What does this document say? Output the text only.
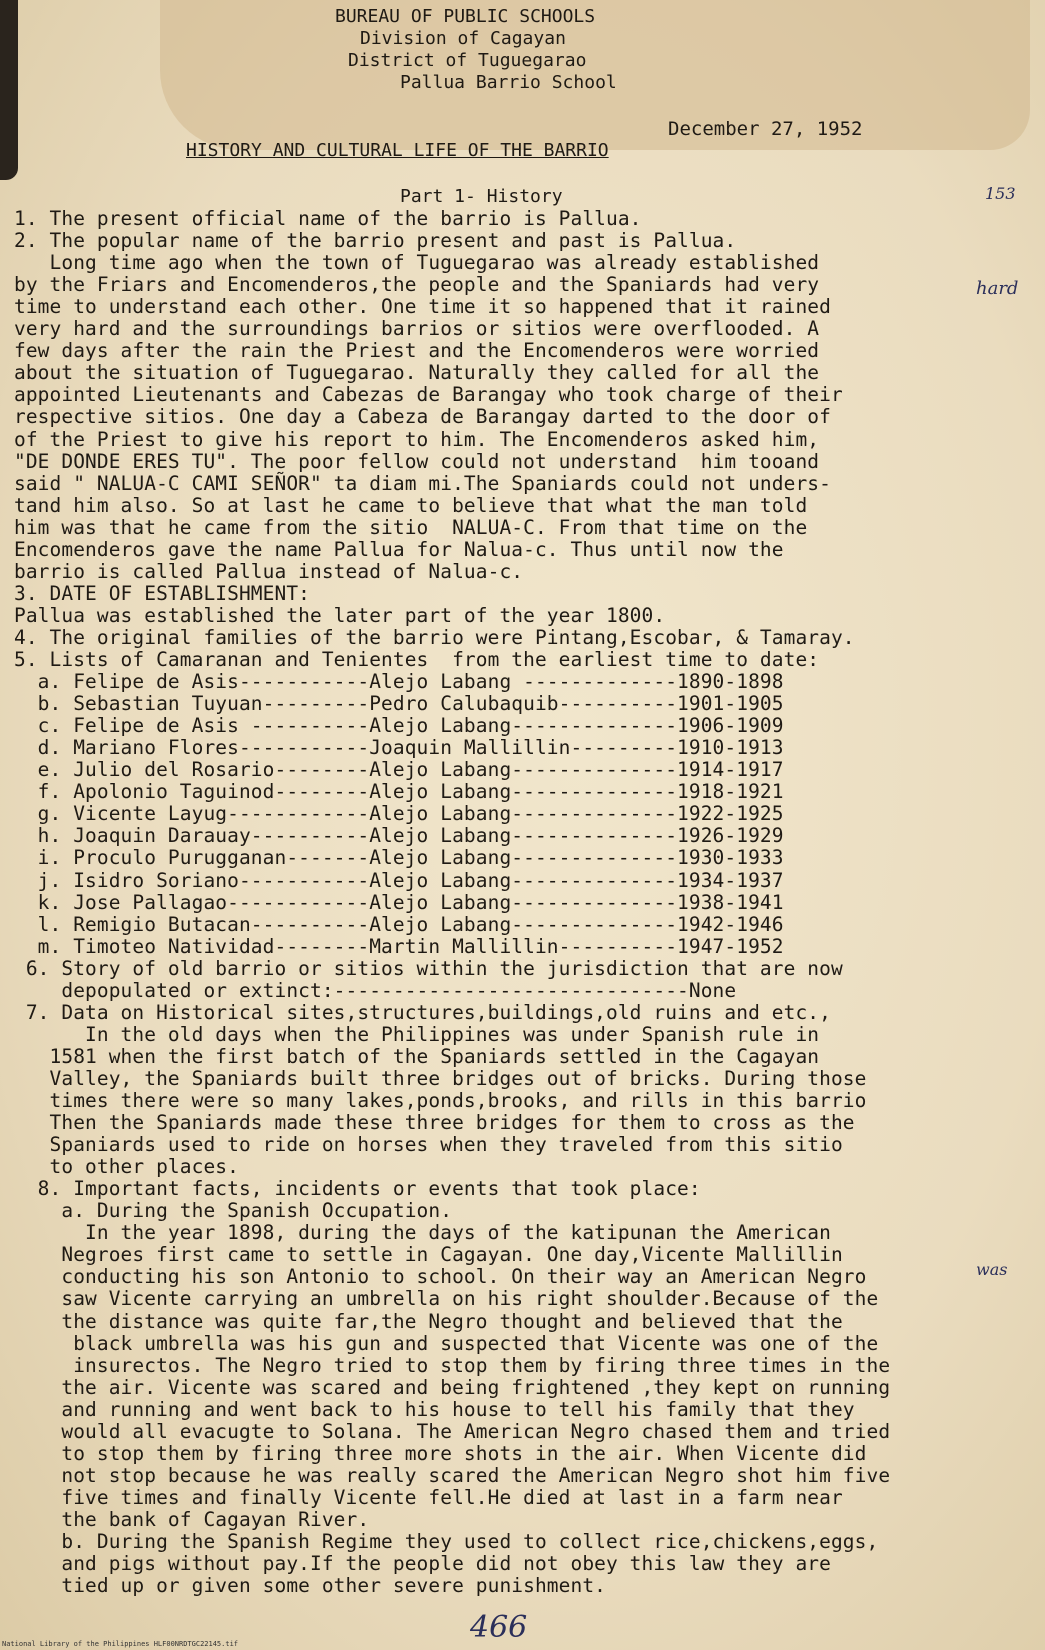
BUREAU OF PUBLIC SCHOOLS
Division of Cagayan
District of Tuguegarao
Pallua Barrio School
December 27, 1952
HISTORY AND CULTURAL LIFE OF THE BARRIO
Part 1- History	153
1. The present official name of the barrio is Pallua.
2. The popular name of the barrio present and past is Pallua.
Long time ago when the town of Tuguegarao was already established
by the Friars and Encomenderos,the people and the Spaniards had very
time to understand each other. One time it so happened that it rained
very hard and the surroundings barrios or sitios were overflooded. A
few days after the rain the Priest and the Encomenderos were worried
about the situation of Tuguegarao. Naturally they called for all the
appointed Lieutenants and Cabezas de Barangay who took charge of their
respective sitios. One day a Cabeza de Barangay darted to the door of
of the Priest to give his report to him. The Encomenderos asked him,
"DE DONDE ERES TU". The poor fellow could not understand  him tooand
said " NALUA-C CAMI SEÑOR" ta diam mi.The Spaniards could not unders-
tand him also. So at last he came to believe that what the man told
him was that he came from the sitio  NALUA-C. From that time on the
Encomenderos gave the name Pallua for Nalua-c. Thus until now the
barrio is called Pallua instead of Nalua-c.
3. DATE OF ESTABLISHMENT:
Pallua was established the later part of the year 1800.
4. The original families of the barrio were Pintang,Escobar, & Tamaray.
5. Lists of Camaranan and Tenientes  from the earliest time to date:
a. Felipe de Asis-----------Alejo Labang -------------1890-1898
b. Sebastian Tuyuan---------Pedro Calubaquib----------1901-1905
c. Felipe de Asis ----------Alejo Labang--------------1906-1909
d. Mariano Flores-----------Joaquin Mallillin---------1910-1913
e. Julio del Rosario--------Alejo Labang--------------1914-1917
f. Apolonio Taguinod--------Alejo Labang--------------1918-1921
g. Vicente Layug------------Alejo Labang--------------1922-1925
h. Joaquin Darauay----------Alejo Labang--------------1926-1929
i. Proculo Purugganan-------Alejo Labang--------------1930-1933
j. Isidro Soriano-----------Alejo Labang--------------1934-1937
k. Jose Pallagao------------Alejo Labang--------------1938-1941
l. Remigio Butacan----------Alejo Labang--------------1942-1946
m. Timoteo Natividad--------Martin Mallillin----------1947-1952
6. Story of old barrio or sitios within the jurisdiction that are now
depopulated or extinct:------------------------------None
7. Data on Historical sites,structures,buildings,old ruins and etc.,
In the old days when the Philippines was under Spanish rule in
1581 when the first batch of the Spaniards settled in the Cagayan
Valley, the Spaniards built three bridges out of bricks. During those
times there were so many lakes,ponds,brooks, and rills in this barrio
Then the Spaniards made these three bridges for them to cross as the
Spaniards used to ride on horses when they traveled from this sitio
to other places.
8. Important facts, incidents or events that took place:
a. During the Spanish Occupation.
In the year 1898, during the days of the katipunan the American
Negroes first came to settle in Cagayan. One day,Vicente Mallillin
conducting his son Antonio to school. On their way an American Negro
saw Vicente carrying an umbrella on his right shoulder.Because of the
the distance was quite far,the Negro thought and believed that the
black umbrella was his gun and suspected that Vicente was one of the
insurectos. The Negro tried to stop them by firing three times in the
the air. Vicente was scared and being frightened ,they kept on running
and running and went back to his house to tell his family that they
would all evacugte to Solana. The American Negro chased them and tried
to stop them by firing three more shots in the air. When Vicente did
not stop because he was really scared the American Negro shot him five
five times and finally Vicente fell.He died at last in a farm near
the bank of Cagayan River.
b. During the Spanish Regime they used to collect rice,chickens,eggs,
and pigs without pay.If the people did not obey this law they are
tied up or given some other severe punishment.
hard
was
466
National Library of the Philippines HLF00NRDTGC22145.tif
